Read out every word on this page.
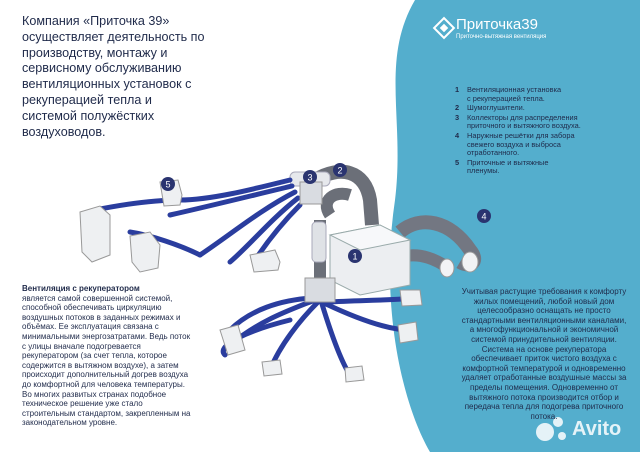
1
2
3
4
5
Приточка39
Приточно-вытяжная вентиляция

Компания «Приточка 39» осуществляет деятельность по производству, монтажу и сервисному обслуживанию вентиляционных установок с рекуперацией тепла и системой полужёстких воздуховодов.

1	Вентиляционная установка
с рекуперацией тепла.
2	Шумоглушители.
3	Коллекторы для распределения
приточного и вытяжного воздуха.
4	Наружные решётки для забора
свежего воздуха и выброса
отработанного.
5	Приточные и вытяжные
пленумы.
Вентиляция с рекуператором
является самой совершенной системой, способной обеспечивать циркуляцию воздушных потоков в заданных режимах и объёмах. Ее эксплуатация связана с минимальными энергозатратами. Ведь поток с улицы вначале подогревается рекуператором (за счет тепла, которое содержится в вытяжном воздухе), а затем происходит дополнительный догрев воздуха до комфортной для человека температуры. Во многих развитых странах подобное техническое решение уже стало строительным стандартом, закрепленным на законодательном уровне.

Учитывая растущие требования к комфорту жилых помещений, любой новый дом целесообразно оснащать не просто стандартными вентиляционными каналами, а многофункциональной и экономичной системой принудительной вентиляции. Система на основе рекуператора обеспечивает приток чистого воздуха с комфортной температурой и одновременно удаляет отработанные воздушные массы за пределы помещения. Одновременно от вытяжного потока производится отбор и передача тепла для подогрева приточного потока.

Avito
